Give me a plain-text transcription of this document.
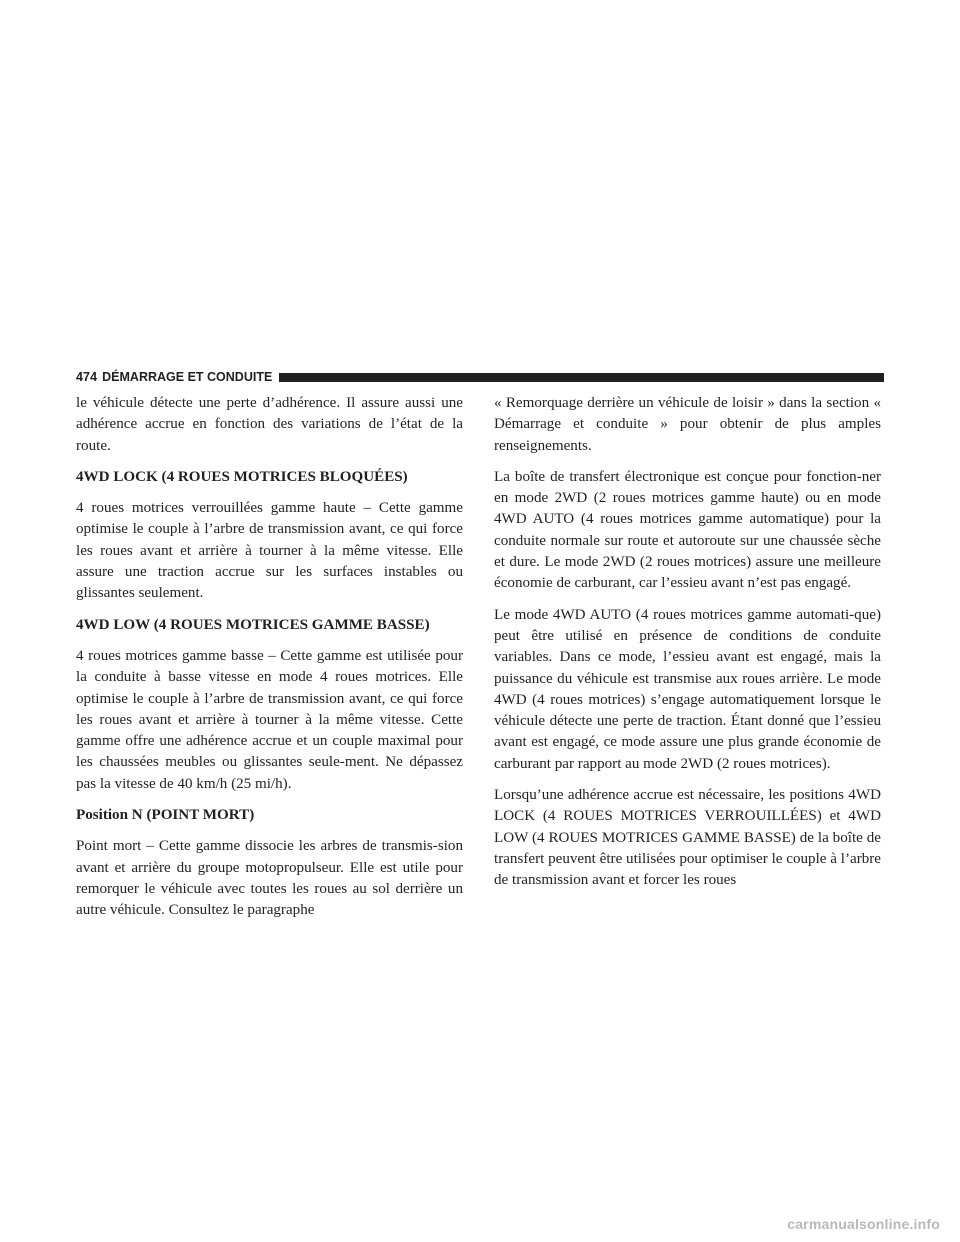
474 DÉMARRAGE ET CONDUITE

le véhicule détecte une perte d’adhérence. Il assure aussi une adhérence accrue en fonction des variations de l’état de la route.

4WD LOCK (4 ROUES MOTRICES BLOQUÉES)

4 roues motrices verrouillées gamme haute – Cette gamme optimise le couple à l’arbre de transmission avant, ce qui force les roues avant et arrière à tourner à la même vitesse. Elle assure une traction accrue sur les surfaces instables ou glissantes seulement.

4WD LOW (4 ROUES MOTRICES GAMME BASSE)

4 roues motrices gamme basse – Cette gamme est utilisée pour la conduite à basse vitesse en mode 4 roues motrices. Elle optimise le couple à l’arbre de transmission avant, ce qui force les roues avant et arrière à tourner à la même vitesse. Cette gamme offre une adhérence accrue et un couple maximal pour les chaussées meubles ou glissantes seule-ment. Ne dépassez pas la vitesse de 40 km/h (25 mi/h).

Position N (POINT MORT)

Point mort – Cette gamme dissocie les arbres de transmis-sion avant et arrière du groupe motopropulseur. Elle est utile pour remorquer le véhicule avec toutes les roues au sol derrière un autre véhicule. Consultez le paragraphe

« Remorquage derrière un véhicule de loisir » dans la section « Démarrage et conduite » pour obtenir de plus amples renseignements.

La boîte de transfert électronique est conçue pour fonction-ner en mode 2WD (2 roues motrices gamme haute) ou en mode 4WD AUTO (4 roues motrices gamme automatique) pour la conduite normale sur route et autoroute sur une chaussée sèche et dure. Le mode 2WD (2 roues motrices) assure une meilleure économie de carburant, car l’essieu avant n’est pas engagé.

Le mode 4WD AUTO (4 roues motrices gamme automati-que) peut être utilisé en présence de conditions de conduite variables. Dans ce mode, l’essieu avant est engagé, mais la puissance du véhicule est transmise aux roues arrière. Le mode 4WD (4 roues motrices) s’engage automatiquement lorsque le véhicule détecte une perte de traction. Étant donné que l’essieu avant est engagé, ce mode assure une plus grande économie de carburant par rapport au mode 2WD (2 roues motrices).

Lorsqu’une adhérence accrue est nécessaire, les positions 4WD LOCK (4 ROUES MOTRICES VERROUILLÉES) et 4WD LOW (4 ROUES MOTRICES GAMME BASSE) de la boîte de transfert peuvent être utilisées pour optimiser le couple à l’arbre de transmission avant et forcer les roues

carmanualsonline.info
